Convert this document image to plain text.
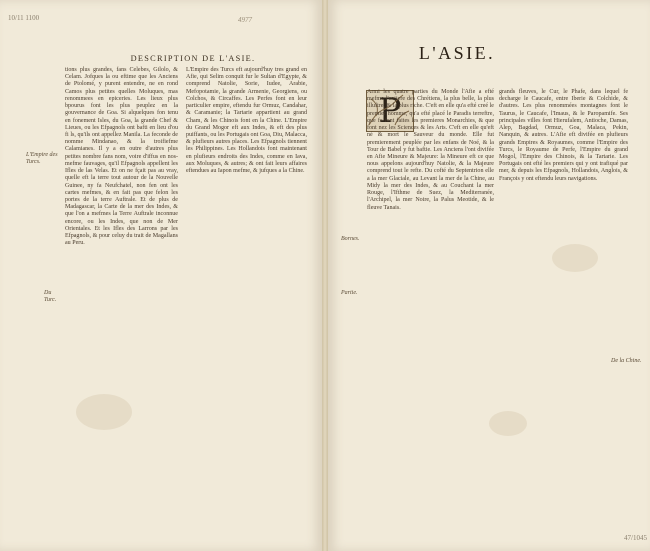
10/11 1100	4977
47/1045
DESCRIPTION DE L'ASIE.	L'ASIE.
L'Empire des Turcs.
Du Turc.
Bornes.
Partie.
De la Chine.
tions plus grandes, fans Celebes, Gilolo, & Celam. Jofques la ou eftime que les Anciens de Ptolomé, y purent entendre, ne en rond Camos plus petites quelles Moluques, mas renommees en epiceries. Les lieux plus bpourus font les plus peuplez en la gouvernance de Goa. Si alquelques fon tenu en fonement Isles, du Goa, la grande Chef & Lieues, ou les Efpagnols ont bafti en lieu d'ou fi ls, qu'ils ont appellez Manila. La feconde de nomme Mindanao, & la troifiefme Calamianes. Il y a en outre d'autres plus petites nombre fans nom, voire d'iffus en nos-mefme fauvages, qu'il Efpagnols appellent les Ifles de las Velas. Et on ne fçait pas au vray, quelle eft la terre tout autour de la Nouvelle Guinee, ny fa Neufchatel, non fen ont les cartes mefmes, & en fait pas que felon les portes de la terre Auftrale. Et de plus de Madagascar, la Carte de la mer des Indes, & que l'on a mefmes la Terre Auftrale inconnue encore, ou les Indes, que non de Mer Orientales. Et les Ifles des Larrons par les Efpagnols, & pour celuy du trait de Magallans au Peru.
L'Empire des Turcs eft aujourd'huy tres grand en Afie, qui Selim conquit fur le Sultan d'Egypte, & comprend Natolie, Sorie, Iudee, Arabie, Mefopotamie, la grande Armenie, Georgiens, ou Colchos, & Circaffes. Les Perfes font en leur particulier empire, eftendu fur Ormuz, Candahar, & Caramanie; la Tartarie appartient au grand Cham, & les Chinois font en la Chine. L'Empire du Grand Mogor eft aux Indes, & eft des plus puiffants, ou les Portugais ont Goa, Diu, Malacca, & plufieurs autres places. Les Efpagnols tiennent les Philippines. Les Hollandois font maintenant en plufieurs endroits des Indes, comme en Iava, aux Moluques, & autres; & ont fait leurs affaires eftendues au Iapon mefme, & jufques a la Chine.
P
Armi les quatre parties du Monde l'Afie a efté mefme l'entiere des Chrétiens, la plus belle, la plus illuftre, & la plus riche. C'eft en elle qu'a efté creé le premier homme, qu'a efté placé le Paradis terreftre, que fe font faites les premieres Monarchies, & que font nez les Sciences & les Arts. C'eft en elle qu'eft né & mort le Sauveur du monde. Elle fut premierement peuplée par les enfans de Noé, & la Tour de Babel y fut baftie. Les Anciens l'ont divifée en Afie Mineure & Majeure: la Mineure eft ce que nous appelons aujourd'huy Natolie, & la Majeure comprend tout le refte. Du cofté du Septentrion elle a la mer Glaciale, au Levant la mer de la Chine, au Midy la mer des Indes, & au Couchant la mer Rouge, l'Ifthme de Suez, la Mediterranée, l'Archipel, la mer Noire, la Palus Meotide, & le fleuve Tanais.
grands fleuves, le Cur, le Phafe, dans lequel fe decharge le Caucafe, entre Iberie & Colchide, & d'autres. Les plus renommées montagnes font le Taurus, le Caucafe, l'Imaus, & le Paropamife. Ses principales villes font Hierufalem, Antioche, Damas, Alep, Bagdad, Ormuz, Goa, Malaca, Pekin, Nanquin, & autres. L'Afie eft divifée en plufieurs grands Empires & Royaumes, comme l'Empire des Turcs, le Royaume de Perfe, l'Empire du grand Mogol, l'Empire des Chinois, & la Tartarie. Les Portugais ont efté les premiers qui y ont trafiqué par mer, & depuis les Efpagnols, Hollandois, Anglois, & François y ont eftendu leurs navigations.
